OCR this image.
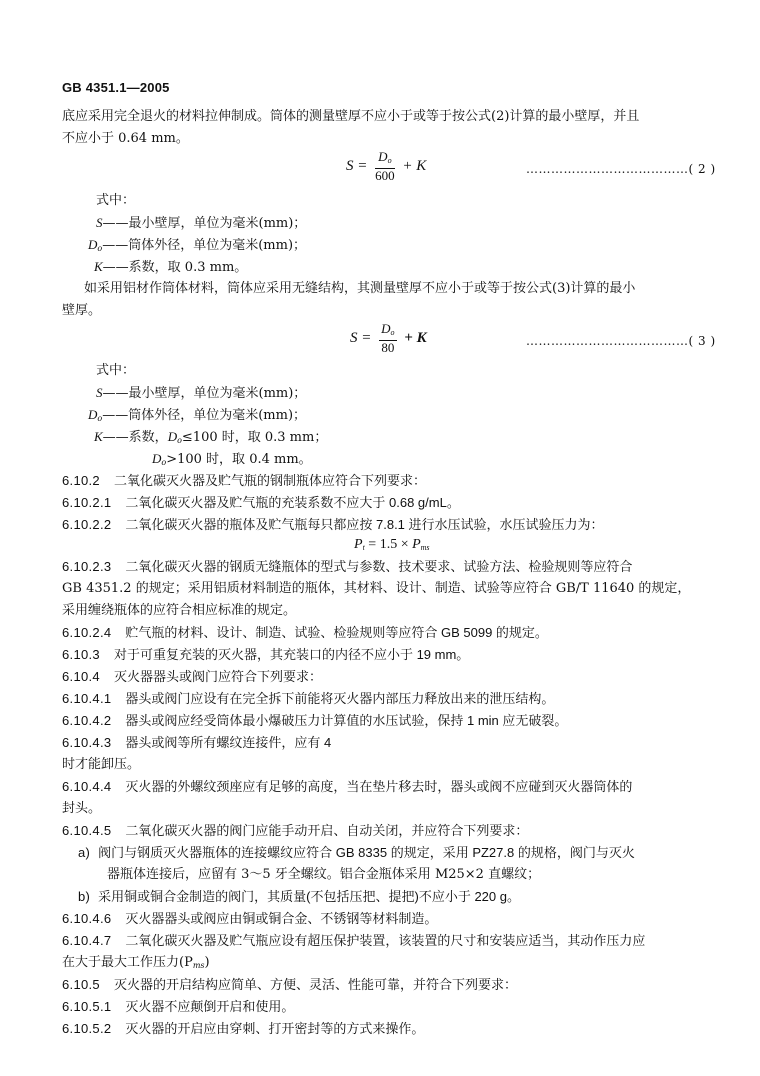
GB 4351.1—2005
底应采用完全退火的材料拉伸制成。筒体的测量壁厚不应小于或等于按公式(2)计算的最小壁厚，并且
不应小于 0.64 mm。
$S = \frac{D_o}{600} + K$	…………………………………( 2 )
式中：
S——最小壁厚，单位为毫米(mm)；
$D_o——$筒体外径，单位为毫米(mm)；
K——系数，取 0.3 mm。
如采用铝材作筒体材料，筒体应采用无缝结构，其测量壁厚不应小于或等于按公式(3)计算的最小
壁厚。
$S = \frac{D_o}{80} + K$	…………………………………( 3 )
式中：
S——最小壁厚，单位为毫米(mm)；
$D_o——$筒体外径，单位为毫米(mm)；
K——系数，$D_o\le 100$ 时，取 0.3 mm；
$D_o>100$ 时，取 0.4 mm。
6.10.2 二氧化碳灭火器及贮气瓶的钢制瓶体应符合下列要求：
6.10.2.1 二氧化碳灭火器及贮气瓶的充装系数不应大于 0.68 g/mL。
6.10.2.2 二氧化碳灭火器的瓶体及贮气瓶每只都应按 7.8.1 进行水压试验，水压试验压力为：
$P_t = 1.5 \times P_{ms}$
6.10.2.3 二氧化碳灭火器的钢质无缝瓶体的型式与参数、技术要求、试验方法、检验规则等应符合
GB 4351.2 的规定；采用铝质材料制造的瓶体，其材料、设计、制造、试验等应符合 GB/T 11640 的规定，
采用缠绕瓶体的应符合相应标准的规定。
6.10.2.4 贮气瓶的材料、设计、制造、试验、检验规则等应符合 GB 5099 的规定。
6.10.3 对于可重复充装的灭火器，其充装口的内径不应小于 19 mm。
6.10.4 灭火器器头或阀门应符合下列要求：
6.10.4.1 器头或阀门应设有在完全拆下前能将灭火器内部压力释放出来的泄压结构。
6.10.4.2 器头或阀应经受筒体最小爆破压力计算值的水压试验，保持 1 min 应无破裂。
6.10.4.3 器头或阀等所有螺纹连接件，应有 4
时才能卸压。
6.10.4.4 灭火器的外螺纹颈座应有足够的高度，当在垫片移去时，器头或阀不应碰到灭火器筒体的
封头。
6.10.4.5 二氧化碳灭火器的阀门应能手动开启、自动关闭，并应符合下列要求：
a) 阀门与钢质灭火器瓶体的连接螺纹应符合 GB 8335 的规定，采用 PZ27.8 的规格，阀门与灭火
器瓶体连接后，应留有 3～5 牙全螺纹。铝合金瓶体采用 M25×2 直螺纹；
b) 采用铜或铜合金制造的阀门，其质量(不包括压把、提把)不应小于 220 g。
6.10.4.6 灭火器器头或阀应由铜或铜合金、不锈钢等材料制造。
6.10.4.7 二氧化碳灭火器及贮气瓶应设有超压保护装置，该装置的尺寸和安装应适当，其动作压力应
在大于最大工作压力$(P_{ms})$
6.10.5 灭火器的开启结构应简单、方便、灵活、性能可靠，并符合下列要求：
6.10.5.1 灭火器不应颠倒开启和使用。
6.10.5.2 灭火器的开启应由穿刺、打开密封等的方式来操作。
